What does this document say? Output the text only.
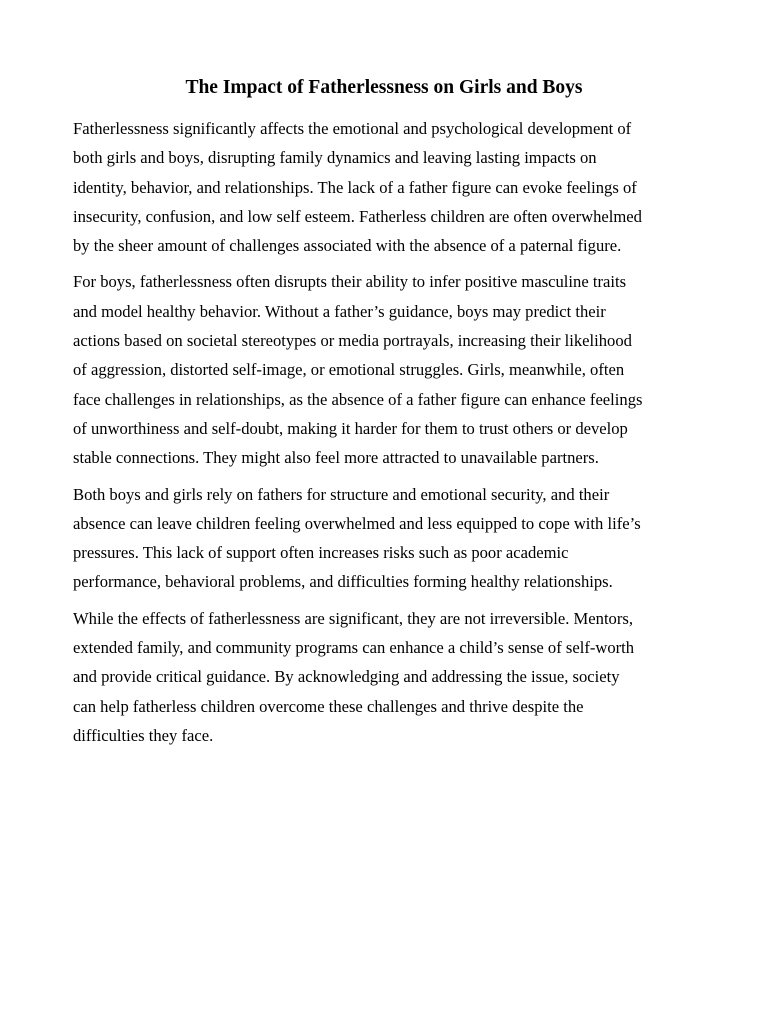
The Impact of Fatherlessness on Girls and Boys

Fatherlessness significantly affects the emotional and psychological development of
both girls and boys, disrupting family dynamics and leaving lasting impacts on
identity, behavior, and relationships. The lack of a father figure can evoke feelings of
insecurity, confusion, and low self esteem. Fatherless children are often overwhelmed
by the sheer amount of challenges associated with the absence of a paternal figure.

For boys, fatherlessness often disrupts their ability to infer positive masculine traits
and model healthy behavior. Without a father’s guidance, boys may predict their
actions based on societal stereotypes or media portrayals, increasing their likelihood
of aggression, distorted self-image, or emotional struggles. Girls, meanwhile, often
face challenges in relationships, as the absence of a father figure can enhance feelings
of unworthiness and self-doubt, making it harder for them to trust others or develop
stable connections. They might also feel more attracted to unavailable partners.

Both boys and girls rely on fathers for structure and emotional security, and their
absence can leave children feeling overwhelmed and less equipped to cope with life’s
pressures. This lack of support often increases risks such as poor academic
performance, behavioral problems, and difficulties forming healthy relationships.

While the effects of fatherlessness are significant, they are not irreversible. Mentors,
extended family, and community programs can enhance a child’s sense of self-worth
and provide critical guidance. By acknowledging and addressing the issue, society
can help fatherless children overcome these challenges and thrive despite the
difficulties they face.
